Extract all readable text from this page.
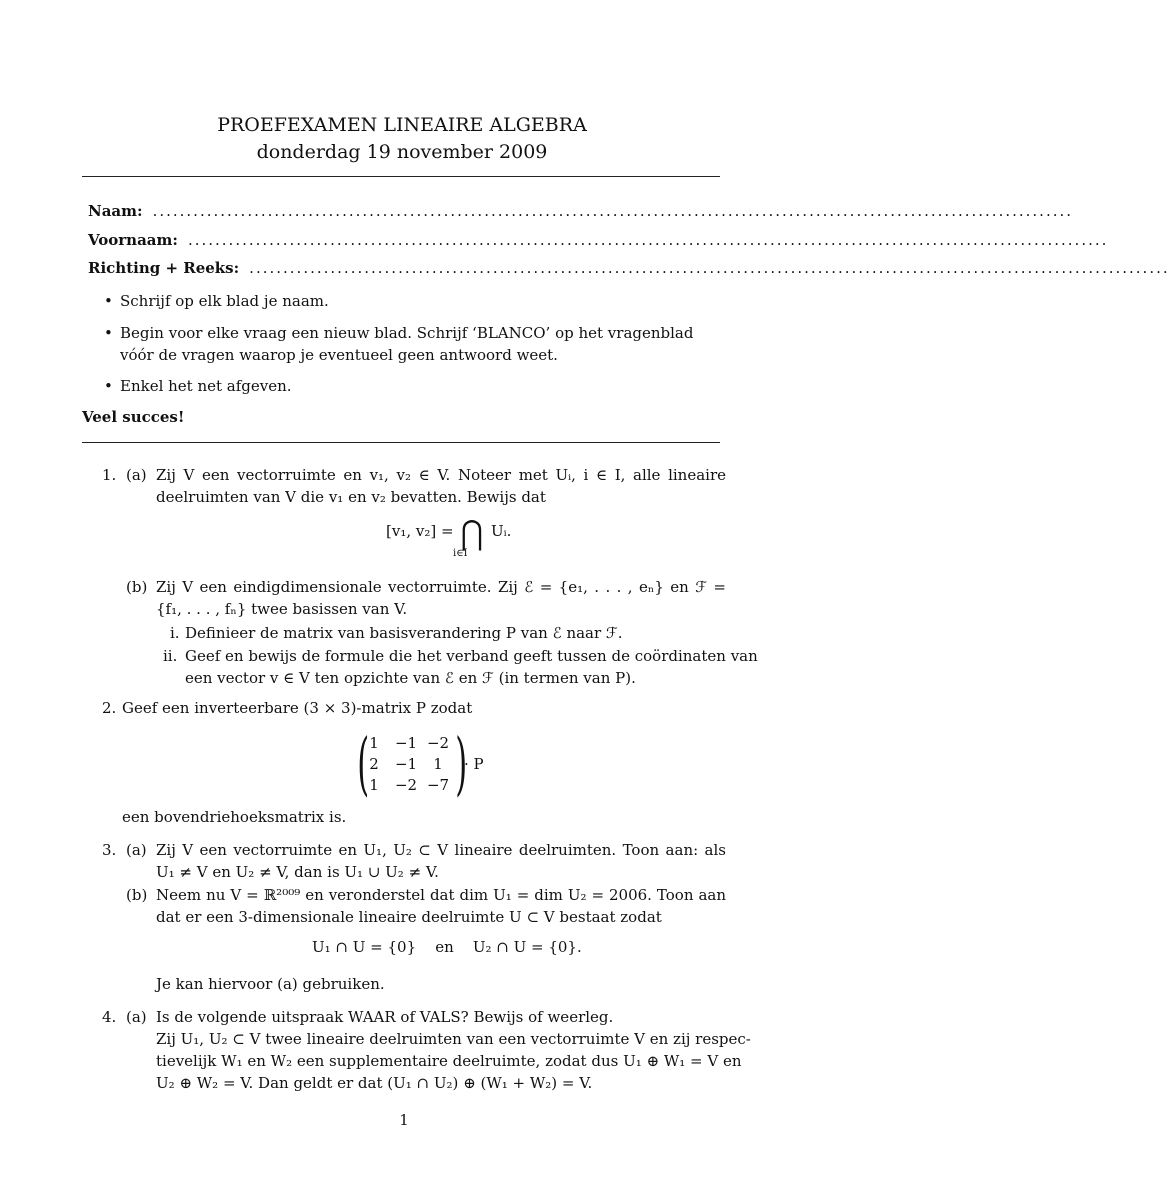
PROEFEXAMEN LINEAIRE ALGEBRA
donderdag 19 november 2009
Naam: ........................................................................................................................................
Voornaam: ........................................................................................................................................
Richting + Reeks: ........................................................................................................................................
• Schrijf op elk blad je naam.
• Begin voor elke vraag een nieuw blad. Schrijf ‘BLANCO’ op het vragenblad vóór de vragen waarop je eventueel geen antwoord weet.
• Enkel het net afgeven.
Veel succes!
1. (a) Zij V een vectorruimte en v₁, v₂ ∈ V. Noteer met Uᵢ, i ∈ I, alle lineaire
deelruimten van V die v₁ en v₂ bevatten. Bewijs dat
[v₁, v₂] = ⋂ Uᵢ.
i∈I
(b) Zij V een eindigdimensionale vectorruimte. Zij ℰ = {e₁, . . . , eₙ} en ℱ =
{f₁, . . . , fₙ} twee basissen van V.
i. Definieer de matrix van basisverandering P van ℰ naar ℱ.
ii. Geef en bewijs de formule die het verband geeft tussen de coördinaten van
een vector v ∈ V ten opzichte van ℰ en ℱ (in termen van P).
2. Geef een inverteerbare (3 × 3)-matrix P zodat
( 1	−1 −2
2	−1	1
1	−2 −7 )
· P
een bovendriehoeksmatrix is.
3. (a) Zij V een vectorruimte en U₁, U₂ ⊂ V lineaire deelruimten. Toon aan: als
U₁ ≠ V en U₂ ≠ V, dan is U₁ ∪ U₂ ≠ V.
(b) Neem nu V = ℝ²⁰⁰⁹ en veronderstel dat dim U₁ = dim U₂ = 2006. Toon aan
dat er een 3-dimensionale lineaire deelruimte U ⊂ V bestaat zodat
U₁ ∩ U = {0}    en    U₂ ∩ U = {0}.
Je kan hiervoor (a) gebruiken.
4. (a) Is de volgende uitspraak WAAR of VALS? Bewijs of weerleg.
Zij U₁, U₂ ⊂ V twee lineaire deelruimten van een vectorruimte V en zij respec-
tievelijk W₁ en W₂ een supplementaire deelruimte, zodat dus U₁ ⊕ W₁ = V en
U₂ ⊕ W₂ = V. Dan geldt er dat (U₁ ∩ U₂) ⊕ (W₁ + W₂) = V.
1
